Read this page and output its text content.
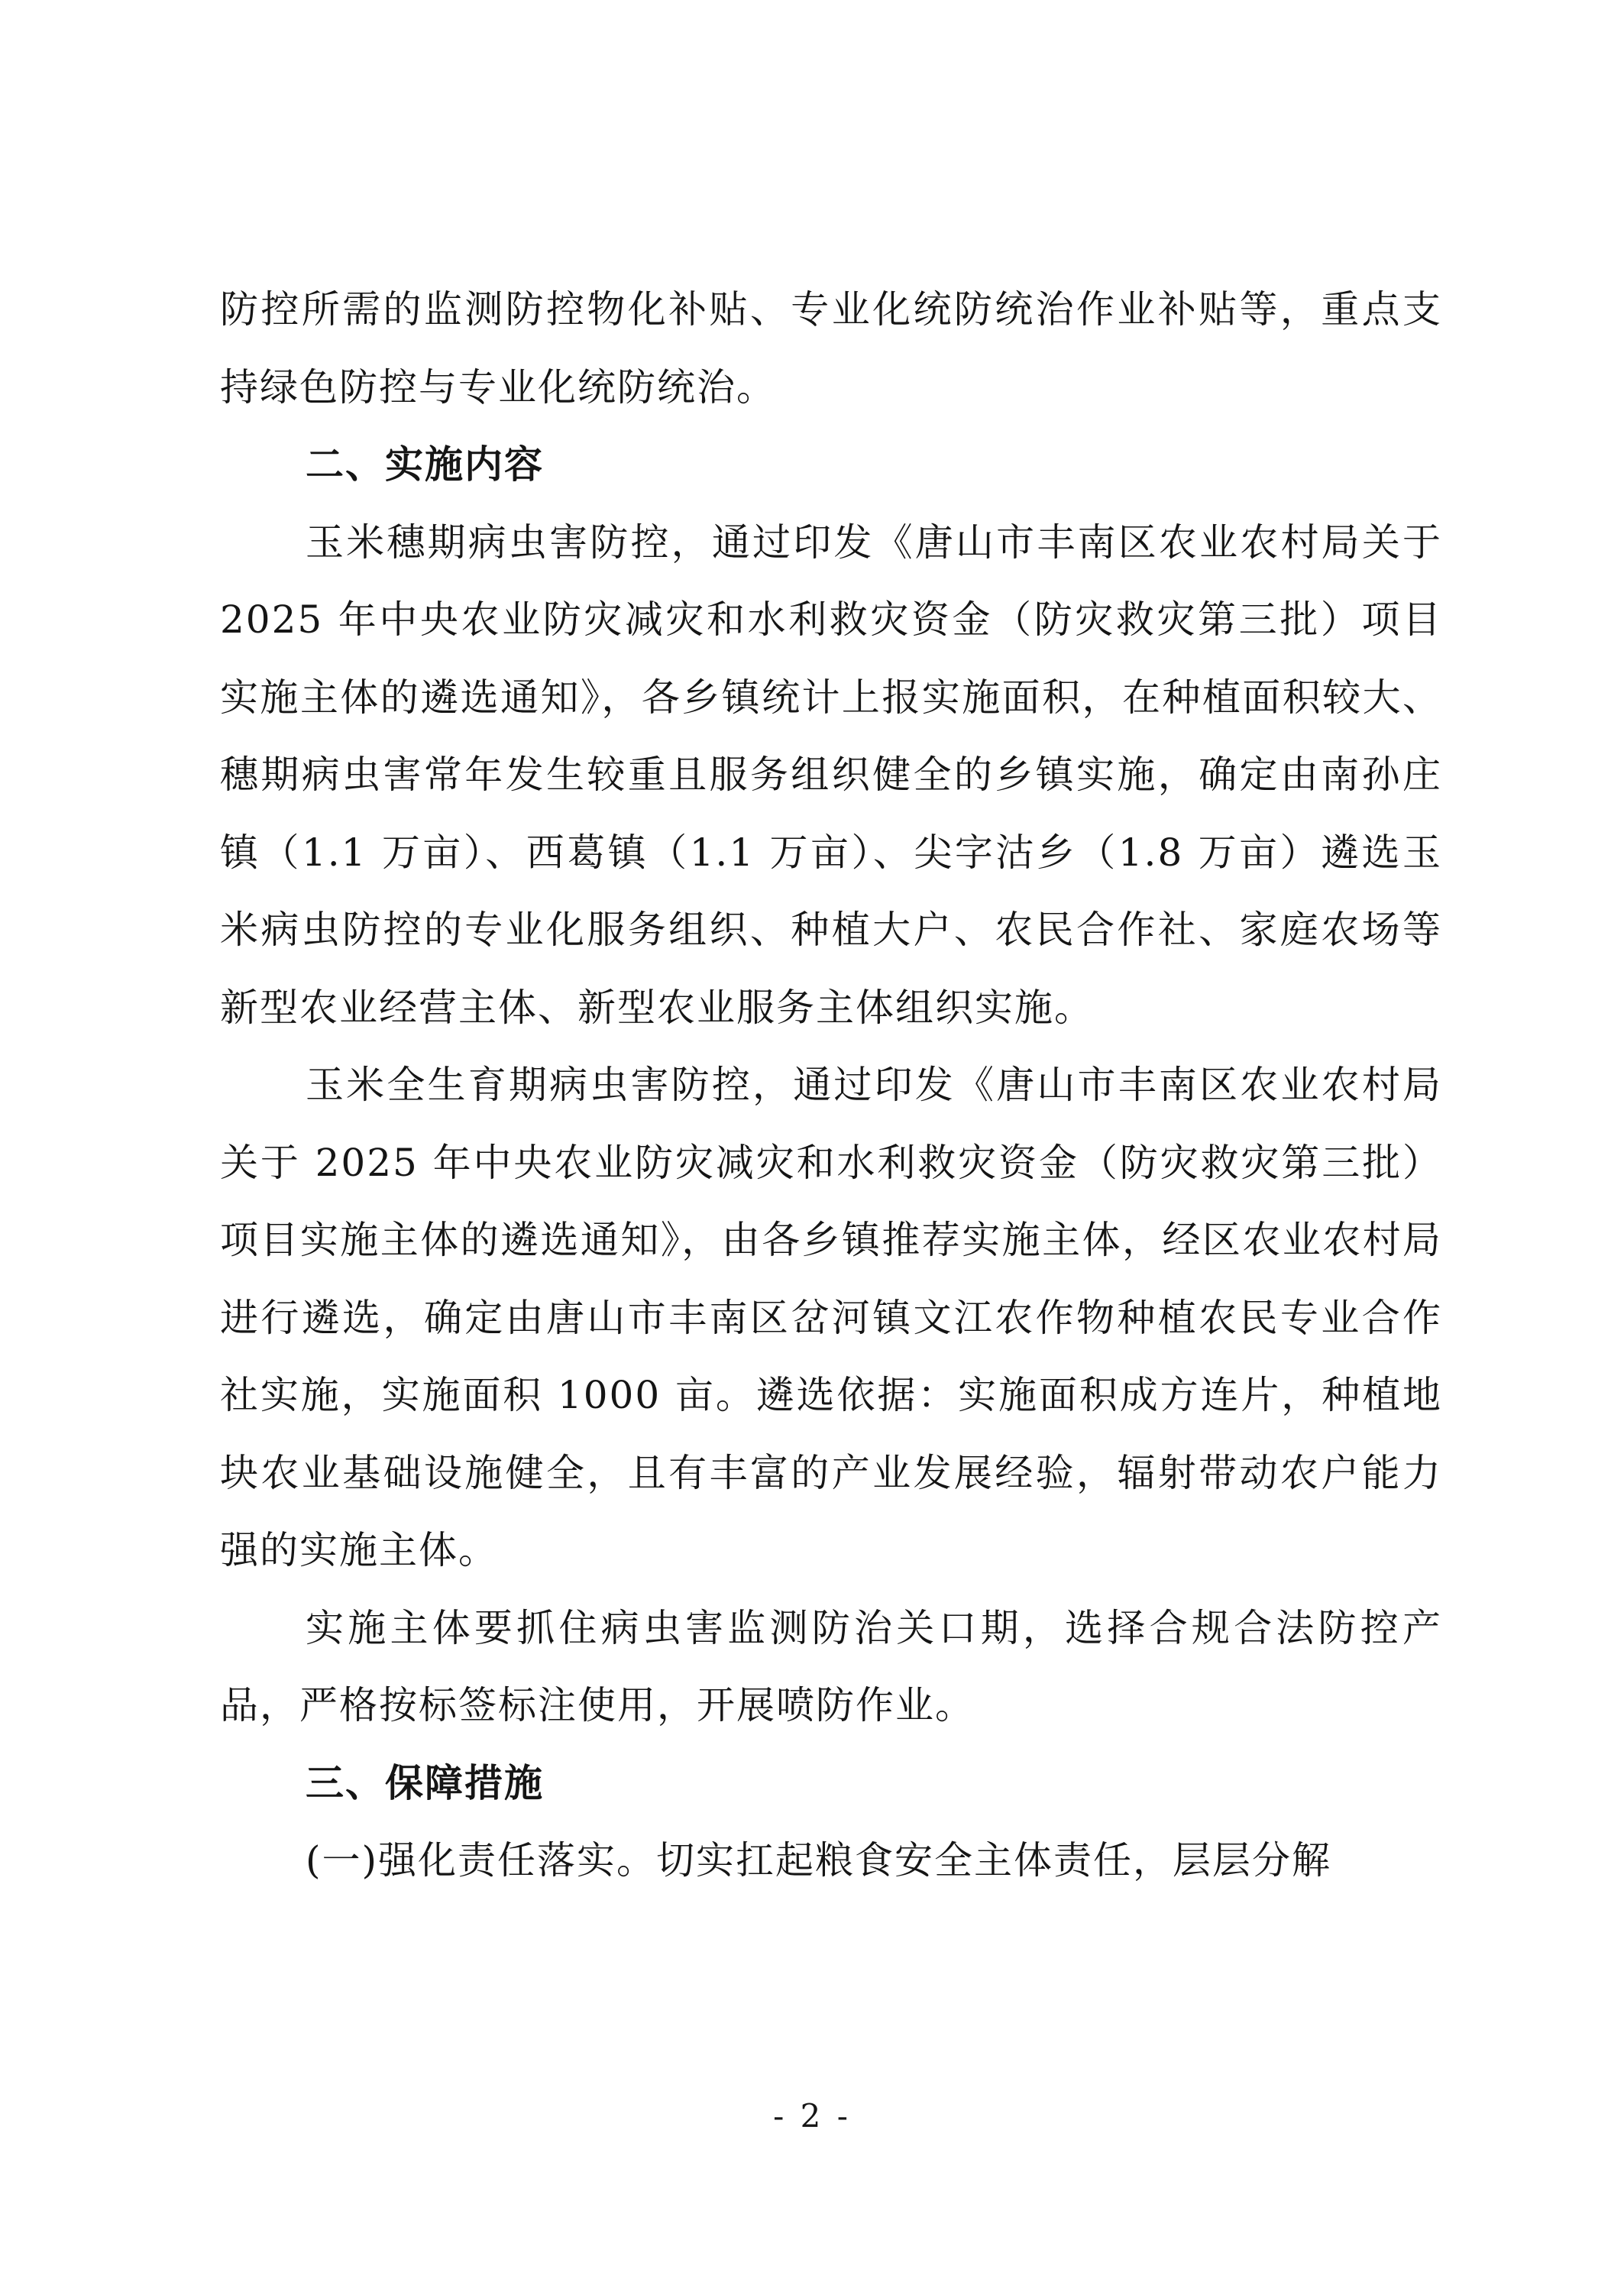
防控所需的监测防控物化补贴、专业化统防统治作业补贴等，重点支持绿色防控与专业化统防统治。

二、实施内容

玉米穗期病虫害防控，通过印发《唐山市丰南区农业农村局关于 2025 年中央农业防灾减灾和水利救灾资金（防灾救灾第三批）项目实施主体的遴选通知》，各乡镇统计上报实施面积，在种植面积较大、穗期病虫害常年发生较重且服务组织健全的乡镇实施，确定由南孙庄镇（1.1 万亩）、西葛镇（1.1 万亩）、尖字沽乡（1.8 万亩）遴选玉米病虫防控的专业化服务组织、种植大户、农民合作社、家庭农场等新型农业经营主体、新型农业服务主体组织实施。

玉米全生育期病虫害防控，通过印发《唐山市丰南区农业农村局关于 2025 年中央农业防灾减灾和水利救灾资金（防灾救灾第三批）项目实施主体的遴选通知》，由各乡镇推荐实施主体，经区农业农村局进行遴选，确定由唐山市丰南区岔河镇文江农作物种植农民专业合作社实施，实施面积 1000 亩。遴选依据：实施面积成方连片，种植地块农业基础设施健全，且有丰富的产业发展经验，辐射带动农户能力强的实施主体。

实施主体要抓住病虫害监测防治关口期，选择合规合法防控产品，严格按标签标注使用，开展喷防作业。

三、保障措施

(一)强化责任落实。切实扛起粮食安全主体责任，层层分解

- 2 -
